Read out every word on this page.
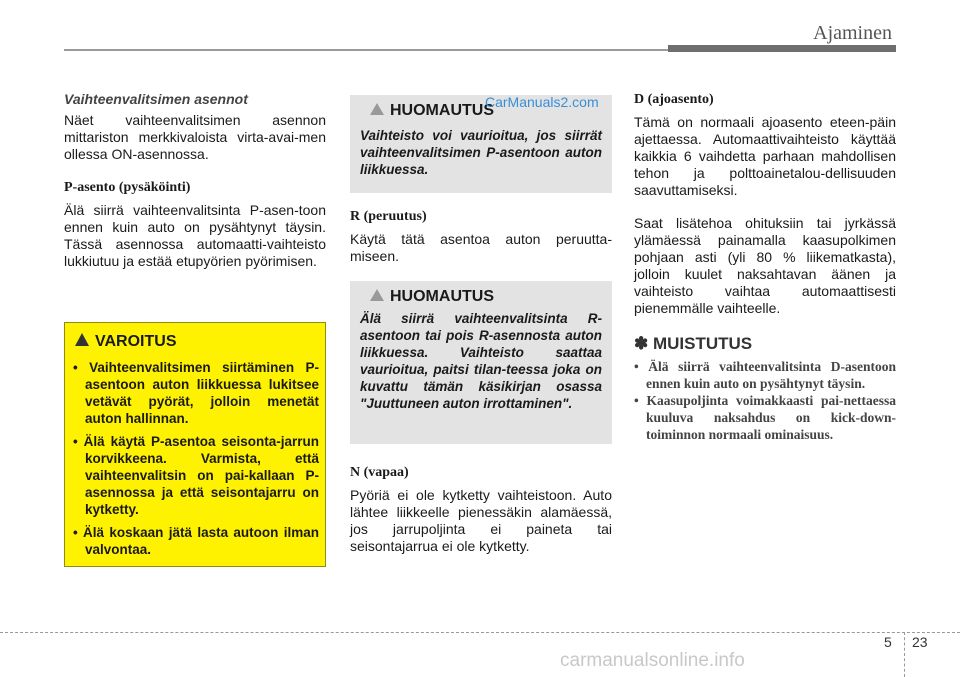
Ajaminen
Vaihteenvalitsimen asennot

Näet vaihteenvalitsimen asennon mittariston merkkivaloista virta-avai-men ollessa ON-asennossa.

P-asento (pysäköinti)

Älä siirrä vaihteenvalitsinta P-asen-toon ennen kuin auto on pysähtynyt täysin. Tässä asennossa automaatti-vaihteisto lukkiutuu ja estää etupyörien pyörimisen.

VAROITUS
• Vaihteenvalitsimen siirtäminen P-asentoon auton liikkuessa lukitsee vetävät pyörät, jolloin menetät auton hallinnan.
• Älä käytä P-asentoa seisonta-jarrun korvikkeena. Varmista, että vaihteenvalitsin on pai-kallaan P-asennossa ja että seisontajarru on kytketty.
• Älä koskaan jätä lasta autoon ilman valvontaa.
HUOMAUTUS
Vaihteisto voi vaurioitua, jos siirrät vaihteenvalitsimen P-asentoon auton liikkuessa.
CarManuals2.com
R (peruutus)

Käytä tätä asentoa auton peruutta-miseen.

HUOMAUTUS
Älä siirrä vaihteenvalitsinta R-asentoon tai pois R-asennosta auton liikkuessa. Vaihteisto saattaa vaurioitua, paitsi tilan-teessa joka on kuvattu tämän käsikirjan osassa "Juuttuneen auton irrottaminen".
N (vapaa)

Pyöriä ei ole kytketty vaihteistoon. Auto lähtee liikkeelle pienessäkin alamäessä, jos jarrupoljinta ei paineta tai seisontajarrua ei ole kytketty.

D (ajoasento)

Tämä on normaali ajoasento eteen-päin ajettaessa. Automaattivaihteisto käyttää kaikkia 6 vaihdetta parhaan mahdollisen tehon ja polttoainetalou-dellisuuden saavuttamiseksi.

Saat lisätehoa ohituksiin tai jyrkässä ylämäessä painamalla kaasupolkimen pohjaan asti (yli 80 % liikematkasta), jolloin kuulet naksahtavan äänen ja vaihteisto vaihtaa automaattisesti pienemmälle vaihteelle.

✽ MUISTUTUS
• Älä siirrä vaihteenvalitsinta D-asentoon ennen kuin auto on pysähtynyt täysin.
• Kaasupoljinta voimakkaasti pai-nettaessa kuuluva naksahdus on kick-down-toiminnon normaali ominaisuus.
5 23
carmanualsonline.info
